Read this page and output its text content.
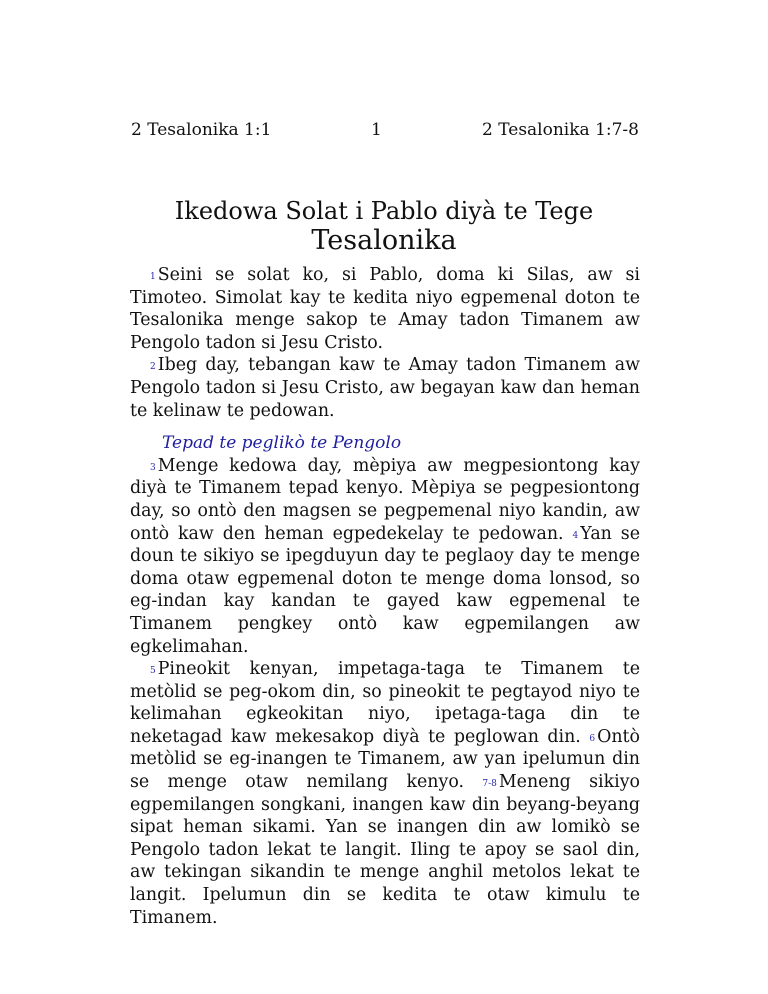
2 Tesalonika 1:1	1	2 Tesalonika 1:7-8
Ikedowa Solat i Pablo diyà te Tege
Tesalonika

$^1$ Seini se solat ko, si Pablo, doma ki Silas, aw si Timoteo. Simolat kay te kedita niyo egpemenal doton te Tesalonika menge sakop te Amay tadon Timanem aw Pengolo tadon si Jesu Cristo.

$^2$ Ibeg day, tebangan kaw te Amay tadon Timanem aw Pengolo tadon si Jesu Cristo, aw begayan kaw dan heman te kelinaw te pedowan.

Tepad te peglikò te Pengolo

$^3$ Menge kedowa day, mèpiya aw megpesiontong kay diyà te Timanem tepad kenyo. Mèpiya se pegpesiontong day, so ontò den magsen se pegpemenal niyo kandin, aw ontò kaw den heman egpedekelay te pedowan. $^4$ Yan se doun te sikiyo se ipegduyun day te peglaoy day te menge doma otaw egpemenal doton te menge doma lonsod, so eg-indan kay kandan te gayed kaw egpemenal te Timanem pengkey ontò kaw egpemilangen aw egkelimahan.

$^5$ Pineokit kenyan, impetaga-taga te Timanem te metòlid se peg-okom din, so pineokit te pegtayod niyo te kelimahan egkeokitan niyo, ipetaga-taga din te neketagad kaw mekesakop diyà te peglowan din. $^6$ Ontò metòlid se eg-inangen te Timanem, aw yan ipelumun din se menge otaw nemilang kenyo. $^{7-8}$ Meneng sikiyo egpemilangen songkani, inangen kaw din beyang-beyang sipat heman sikami. Yan se inangen din aw lomikò se Pengolo tadon lekat te langit. Iling te apoy se saol din, aw tekingan sikandin te menge anghil metolos lekat te langit. Ipelumun din se kedita te otaw kimulu te Timanem.
